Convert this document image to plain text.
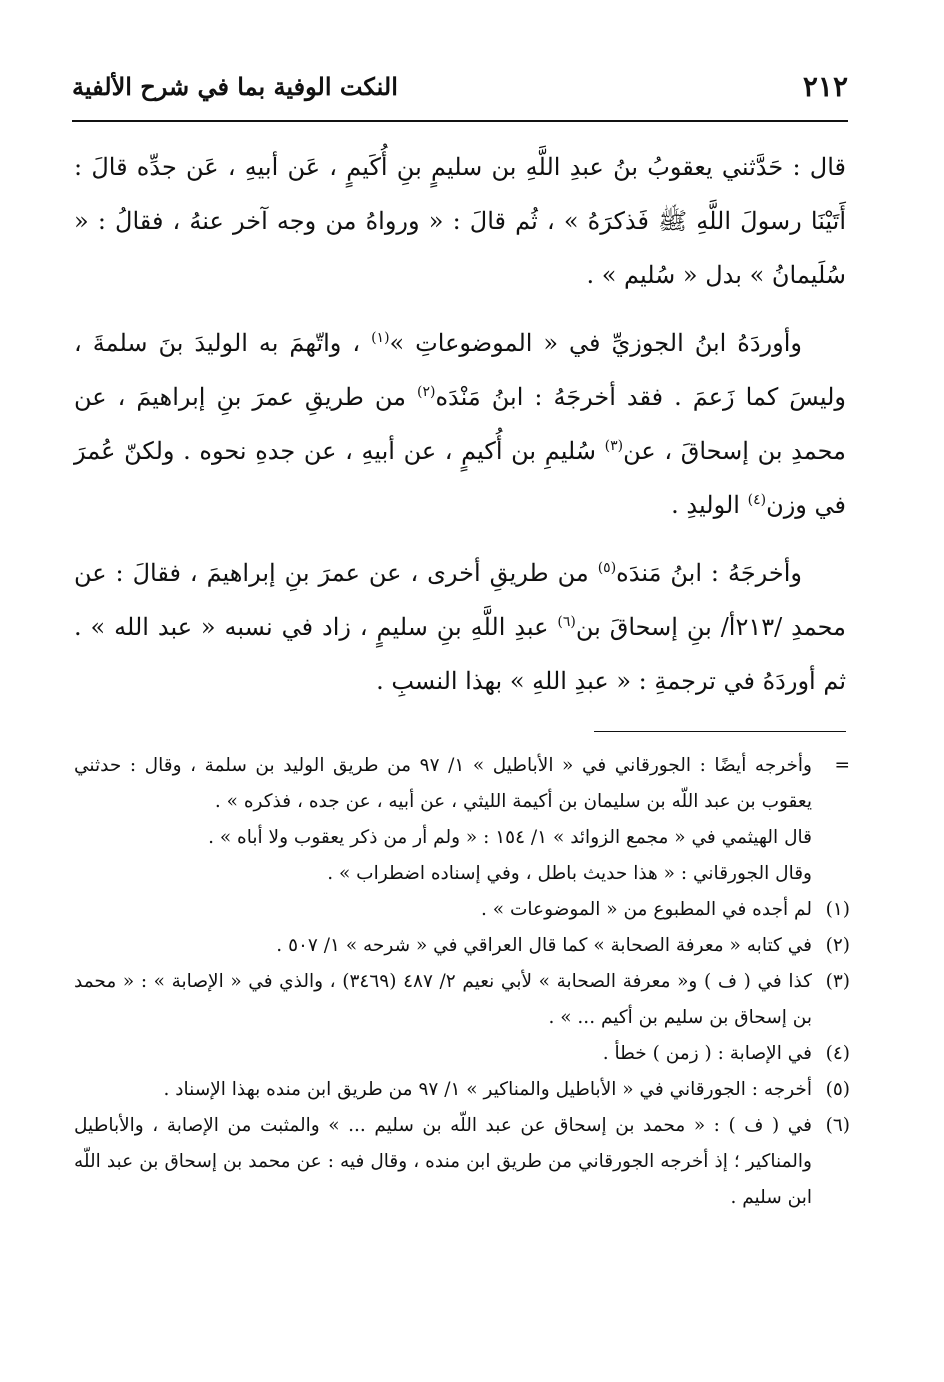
٢١٢
النكت الوفية بما في شرح الألفية

قال : حَدَّثني يعقوبُ بنُ عبدِ اللَّهِ بن سليمٍ بنِ أُكَيمٍ ، عَن أبيهِ ، عَن جدِّه قالَ : أَتَيْنَا رسولَ اللَّهِ ﷺ فَذكرَهُ » ، ثُم قالَ : « ورواهُ من وجه آخر عنهُ ، فقالُ : « سُلَيمانُ » بدل « سُليم » .

وأوردَهُ ابنُ الجوزيِّ في « الموضوعاتِ »$^{(١)}$ ، واتّهمَ به الوليدَ بنَ سلمةَ ، وليسَ كما زَعمَ . فقد أخرجَهُ : ابنُ مَنْدَه$^{(٢)}$ من طريقِ عمرَ بنِ إبراهيمَ ، عن محمدِ بن إسحاقَ ، عن$^{(٣)}$ سُليمِ بن أُكيمٍ ، عن أبيهِ ، عن جدهِ نحوه . ولكنّ عُمرَ في وزن$^{(٤)}$ الوليدِ .

وأخرجَهُ : ابنُ مَندَه$^{(٥)}$ من طريقِ أخرى ، عن عمرَ بنِ إبراهيمَ ، فقالَ : عن محمدِ /٢١٣أ/ بنِ إسحاقَ بن$^{(٦)}$ عبدِ اللَّهِ بنِ سليمٍ ، زاد في نسبه « عبد الله » . ثم أوردَهُ في ترجمةِ : « عبدِ اللهِ » بهذا النسبِ .

=
وأخرجه أيضًا : الجورقاني في « الأباطيل » ١/ ٩٧ من طريق الوليد بن سلمة ، وقال : حدثني يعقوب بن عبد اللّه بن سليمان بن أكيمة الليثي ، عن أبيه ، عن جده ، فذكره » .
قال الهيثمي في « مجمع الزوائد » ١/ ١٥٤ : « ولم أر من ذكر يعقوب ولا أباه » .
وقال الجورقاني : « هذا حديث باطل ، وفي إسناده اضطراب » .
(١)
لم أجده في المطبوع من « الموضوعات » .
(٢)
في كتابه « معرفة الصحابة » كما قال العراقي في « شرحه » ١/ ٥٠٧ .
(٣)
كذا في ( ف ) و« معرفة الصحابة » لأبي نعيم ٢/ ٤٨٧ (٣٤٦٩) ، والذي في « الإصابة » : « محمد بن إسحاق بن سليم بن أكيم ... » .
(٤)
في الإصابة : ( زمن ) خطأ .
(٥)
أخرجه : الجورقاني في « الأباطيل والمناكير » ١/ ٩٧ من طريق ابن منده بهذا الإسناد .
(٦)
في ( ف ) : « محمد بن إسحاق عن عبد اللّه بن سليم ... » والمثبت من الإصابة ، والأباطيل والمناكير ؛ إذ أخرجه الجورقاني من طريق ابن منده ، وقال فيه : عن محمد بن إسحاق بن عبد اللّه ابن سليم .
